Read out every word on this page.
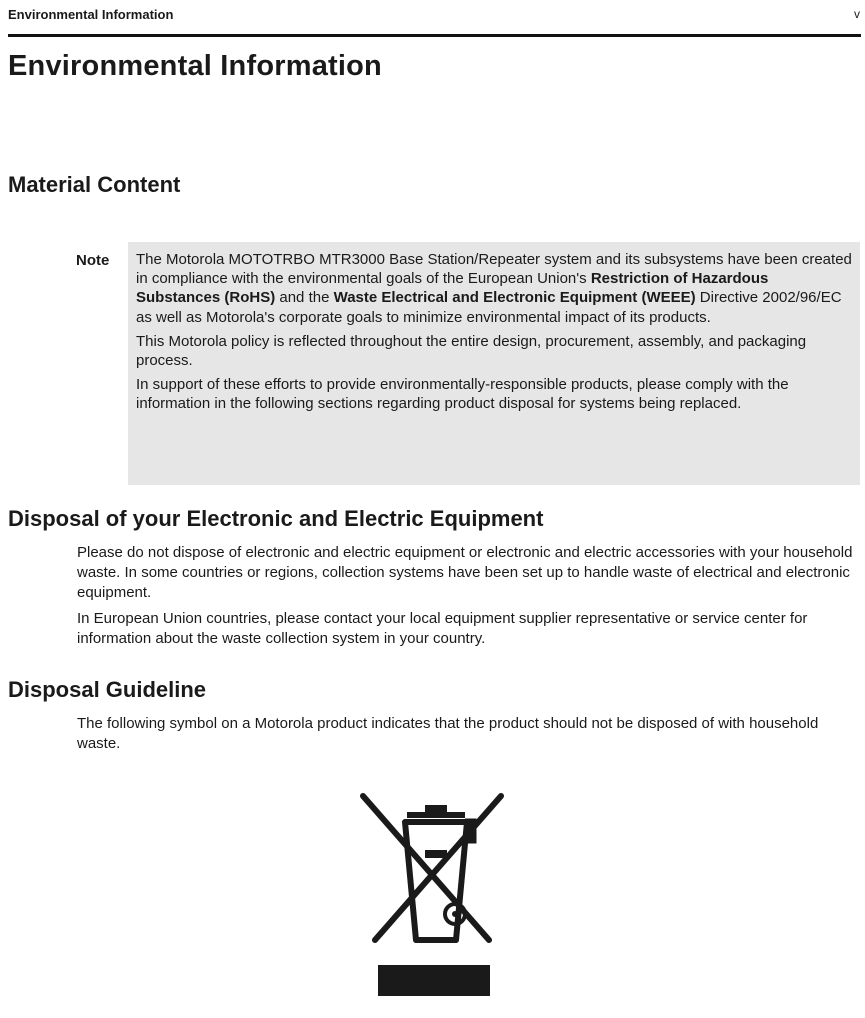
Environmental Information	v
Environmental Information
Material Content
Note The Motorola MOTOTRBO MTR3000 Base Station/Repeater system and its subsystems have been created in compliance with the environmental goals of the European Union's Restriction of Hazardous Substances (RoHS) and the Waste Electrical and Electronic Equipment (WEEE) Directive 2002/96/EC as well as Motorola's corporate goals to minimize environmental impact of its products.

This Motorola policy is reflected throughout the entire design, procurement, assembly, and packaging process.

In support of these efforts to provide environmentally-responsible products, please comply with the information in the following sections regarding product disposal for systems being replaced.

Disposal of your Electronic and Electric Equipment

Please do not dispose of electronic and electric equipment or electronic and electric accessories with your household waste. In some countries or regions, collection systems have been set up to handle waste of electrical and electronic equipment.

In European Union countries, please contact your local equipment supplier representative or service center for information about the waste collection system in your country.

Disposal Guideline

The following symbol on a Motorola product indicates that the product should not be disposed of with household waste.
